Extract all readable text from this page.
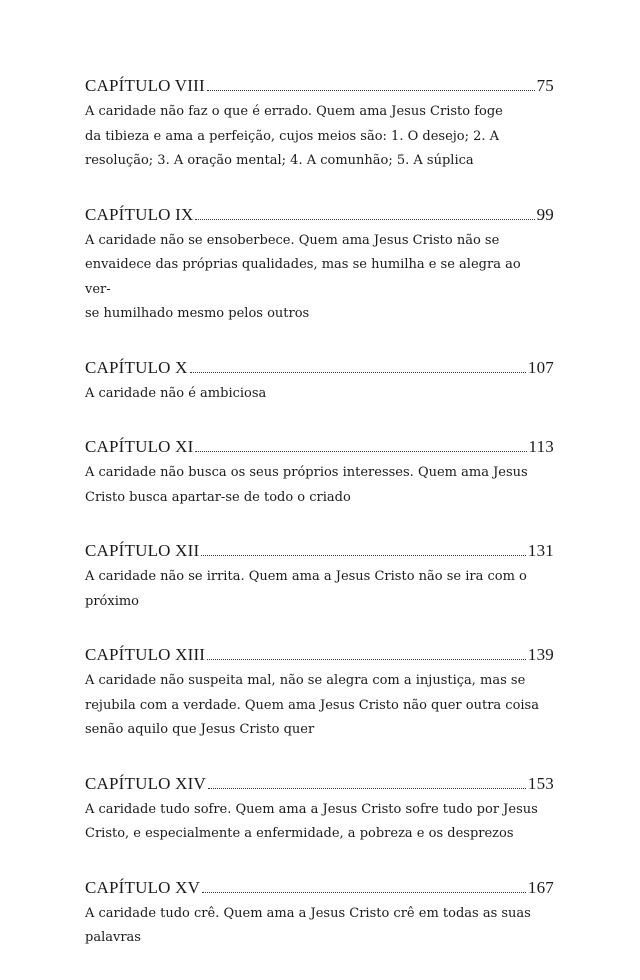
CAPÍTULO VIII	75
A caridade não faz o que é errado. Quem ama Jesus Cristo foge
da tibieza e ama a perfeição, cujos meios são: 1. O desejo; 2. A
resolução; 3. A oração mental; 4. A comunhão; 5. A súplica
CAPÍTULO IX	99
A caridade não se ensoberbece. Quem ama Jesus Cristo não se
envaidece das próprias qualidades, mas se humilha e se alegra ao ver-
se humilhado mesmo pelos outros
CAPÍTULO X	107
A caridade não é ambiciosa
CAPÍTULO XI	113
A caridade não busca os seus próprios interesses. Quem ama Jesus
Cristo busca apartar-se de todo o criado
CAPÍTULO XII	131
A caridade não se irrita. Quem ama a Jesus Cristo não se ira com o
próximo
CAPÍTULO XIII	139
A caridade não suspeita mal, não se alegra com a injustiça, mas se
rejubila com a verdade. Quem ama Jesus Cristo não quer outra coisa
senão aquilo que Jesus Cristo quer
CAPÍTULO XIV	153
A caridade tudo sofre. Quem ama a Jesus Cristo sofre tudo por Jesus
Cristo, e especialmente a enfermidade, a pobreza e os desprezos
CAPÍTULO XV	167
A caridade tudo crê. Quem ama a Jesus Cristo crê em todas as suas
palavras
